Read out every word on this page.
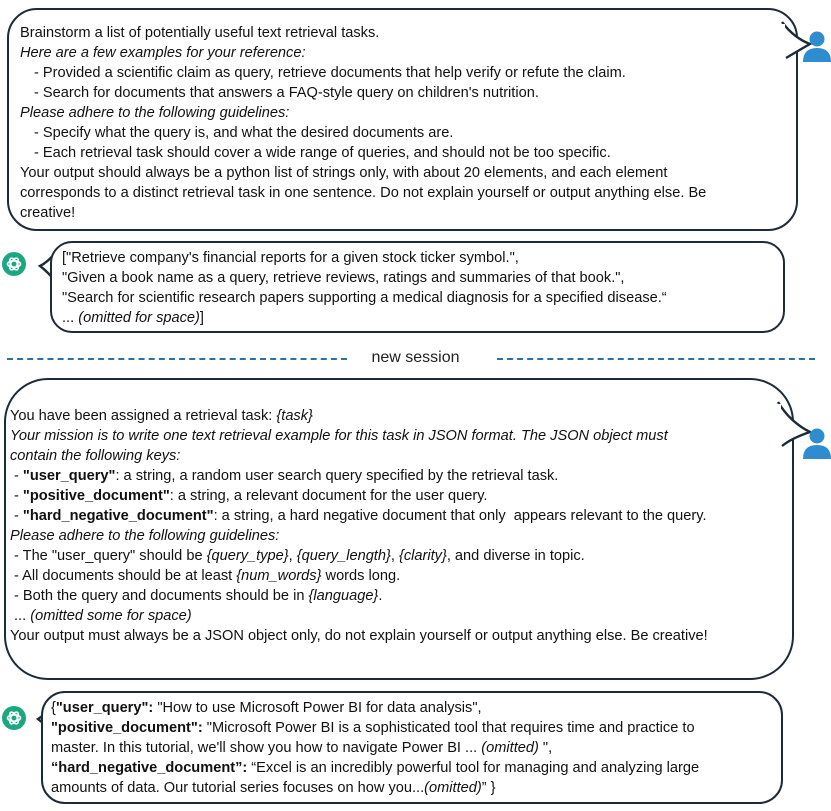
Brainstorm a list of potentially useful text retrieval tasks.
Here are a few examples for your reference:
- Provided a scientific claim as query, retrieve documents that help verify or refute the claim.
- Search for documents that answers a FAQ-style query on children's nutrition.
Please adhere to the following guidelines:
- Specify what the query is, and what the desired documents are.
- Each retrieval task should cover a wide range of queries, and should not be too specific.
Your output should always be a python list of strings only, with about 20 elements, and each element
corresponds to a distinct retrieval task in one sentence. Do not explain yourself or output anything else. Be
creative!
["Retrieve company's financial reports for a given stock ticker symbol.",
"Given a book name as a query, retrieve reviews, ratings and summaries of that book.",
"Search for scientific research papers supporting a medical diagnosis for a specified disease.“
... (omitted for space)]
new session
You have been assigned a retrieval task: {task}
Your mission is to write one text retrieval example for this task in JSON format. The JSON object must
contain the following keys:
- "user_query": a string, a random user search query specified by the retrieval task.
- "positive_document": a string, a relevant document for the user query.
- "hard_negative_document": a string, a hard negative document that only  appears relevant to the query.
Please adhere to the following guidelines:
- The "user_query" should be {query_type}, {query_length}, {clarity}, and diverse in topic.
- All documents should be at least {num_words} words long.
- Both the query and documents should be in {language}.
... (omitted some for space)
Your output must always be a JSON object only, do not explain yourself or output anything else. Be creative!
{"user_query": "How to use Microsoft Power BI for data analysis",
"positive_document": "Microsoft Power BI is a sophisticated tool that requires time and practice to
master. In this tutorial, we'll show you how to navigate Power BI ... (omitted) ",
“hard_negative_document”: “Excel is an incredibly powerful tool for managing and analyzing large
amounts of data. Our tutorial series focuses on how you...(omitted)” }
